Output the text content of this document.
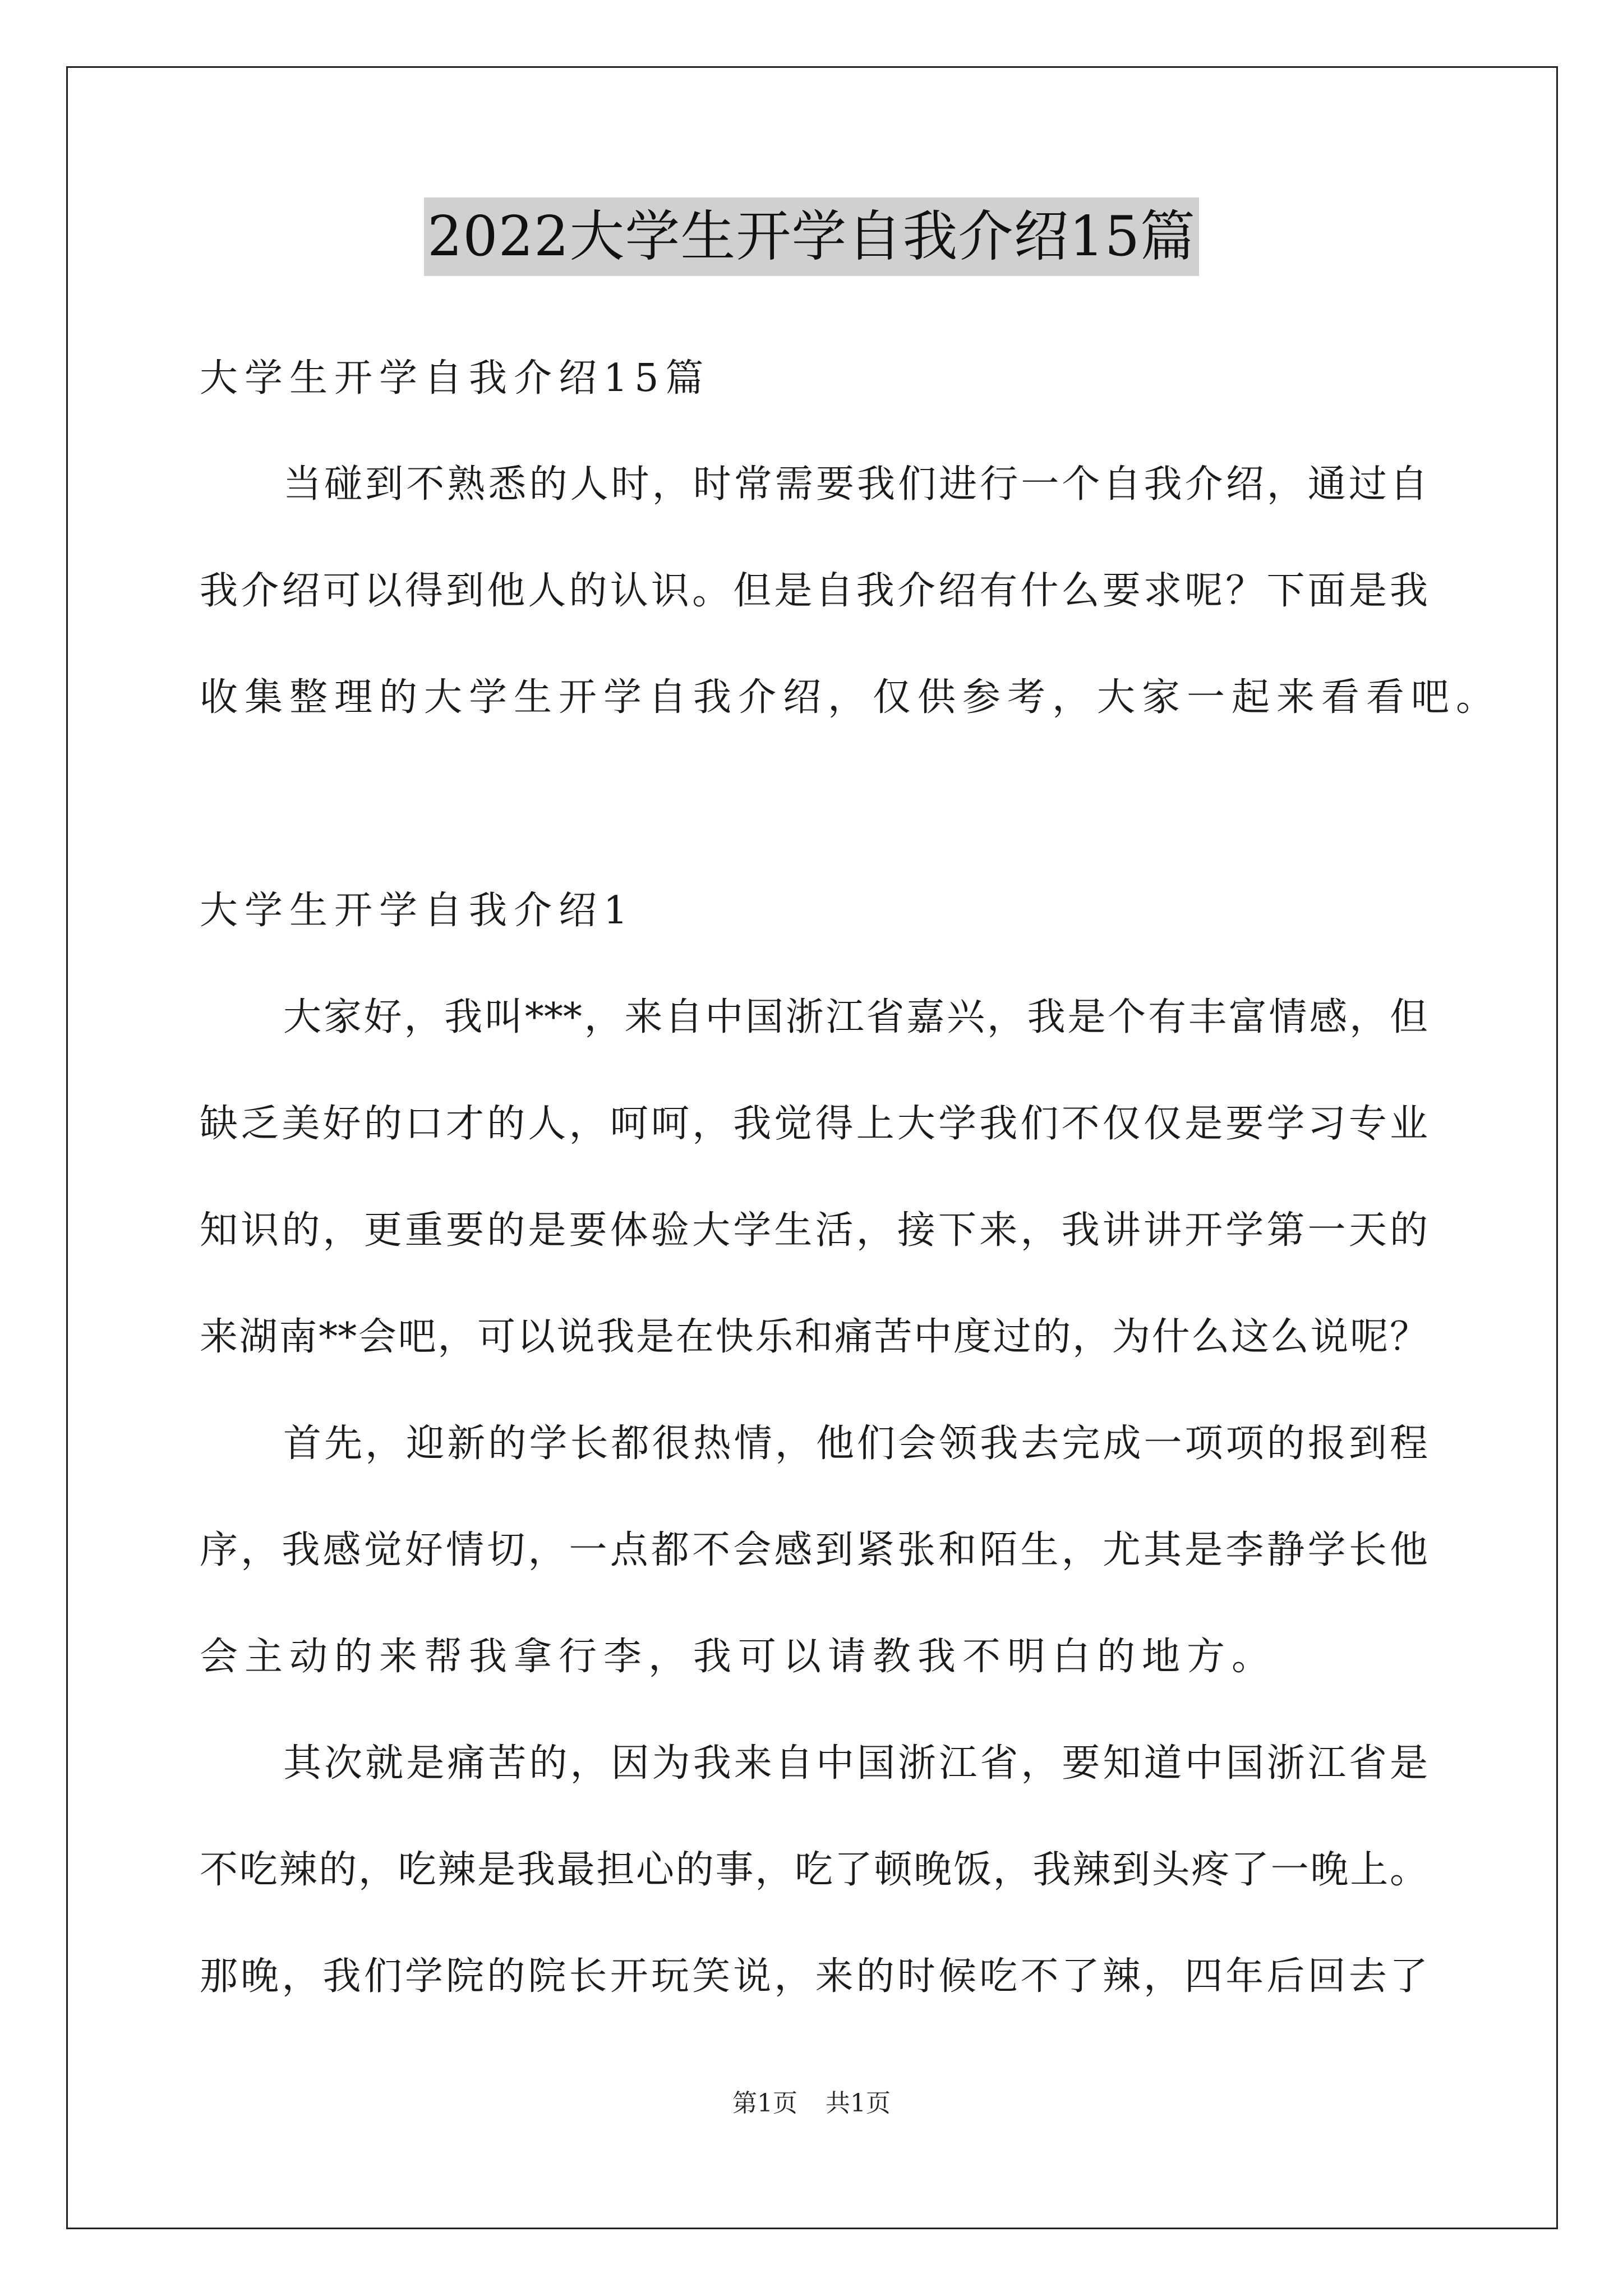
2022大学生开学自我介绍15篇
大学生开学自我介绍15篇
当碰到不熟悉的人时，时常需要我们进行一个自我介绍，通过自
我介绍可以得到他人的认识。但是自我介绍有什么要求呢？下面是我
收集整理的大学生开学自我介绍，仅供参考，大家一起来看看吧。
大学生开学自我介绍1
大家好，我叫***，来自中国浙江省嘉兴，我是个有丰富情感，但
缺乏美好的口才的人，呵呵，我觉得上大学我们不仅仅是要学习专业
知识的，更重要的是要体验大学生活，接下来，我讲讲开学第一天的
来湖南**会吧，可以说我是在快乐和痛苦中度过的，为什么这么说呢？
首先，迎新的学长都很热情，他们会领我去完成一项项的报到程
序，我感觉好情切，一点都不会感到紧张和陌生，尤其是李静学长他
会主动的来帮我拿行李，我可以请教我不明白的地方。
其次就是痛苦的，因为我来自中国浙江省，要知道中国浙江省是
不吃辣的，吃辣是我最担心的事，吃了顿晚饭，我辣到头疼了一晚上。
那晚，我们学院的院长开玩笑说，来的时候吃不了辣，四年后回去了
第1页 共1页
